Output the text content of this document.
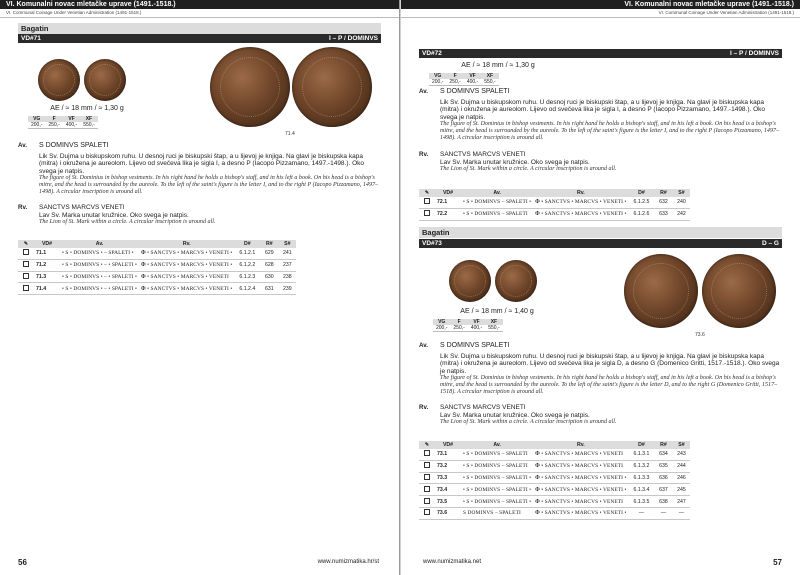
VI. Komunalni novac mletačke uprave (1491.-1518.)
VI. Communal Coinage Under Venetian Administration (1491-1518.)
Bagatin
VD#71	I – P / DOMINVS
71.4
AE / ≈ 18 mm / ≈ 1,30 g
VG	F	VF	XF
200,-	250,-	400,-	550,-
Av. S DOMINVS SPALETI
Lik Sv. Dujma u biskupskom ruhu. U desnoj ruci je biskupski štap, a u lijevoj je knjiga. Na glavi je biskupska kapa (mitra) i okružena je aureolom. Lijevo od svečeva lika je sigla I, a desno P (Iacopo Pizzamano, 1497.-1498.). Oko svega je natpis.
The figure of St. Dominius in bishop vestments. In his right hand he holds a bishop's staff, and in his left a book. On his head is a bishop's mitre, and the head is surrounded by the aureole. To the left of the saint's figure is the letter I, and to the right P (Iacopo Pizzamano, 1497–1498). A circular inscription is around all.
Rv. SANCTVS MARCVS VENETI
Lav Sv. Marka unutar kružnice. Oko svega je natpis.
The Lion of St. Mark within a circle. A circular inscription is around all.
✎	VD#	Av.	Rv.	D#	R#	S#
	71.1	• S • DOMINVS • – SPALETI •	✠ • SANCTVS • MARCVS • VENETI •	6.1.2.1	629	241
	71.2	• S • DOMINVS • – • SPALETI •	✠ • SANCTVS • MARCVS • VENETI •	6.1.2.2	628	237
	71.3	• S • DOMINVS • – • SPALETI •	✠ • SANCTVS • MARCVS • VENETI	6.1.2.3	630	238
	71.4	• S • DOMINVS • – • SPALETI •	✠ • SANCTVS • MARCVS • VENETI •	6.1.2.4	631	239
56	www.numizmatika.hr/st
VI. Komunalni novac mletačke uprave (1491.-1518.)
VI. Communal Coinage Under Venetian Administration (1491-1518.)
VD#72	I – P / DOMINVS
AE / ≈ 18 mm / ≈ 1,30 g
VG	F	VF	XF
200,-	250,-	400,-	550,-
Av. S DOMINVS SPALETI
Lik Sv. Dujma u biskupskom ruhu. U desnoj ruci je biskupski štap, a u lijevoj je knjiga. Na glavi je biskupska kapa (mitra) i okružena je aureolom. Lijevo od svečeva lika je sigla I, a desno P (Iacopo Pizzamano, 1497.-1498.). Oko svega je natpis.
The figure of St. Dominius in bishop vestments. In his right hand he holds a bishop's staff, and in his left a book. On his head is a bishop's mitre, and the head is surrounded by the aureole. To the left of the saint's figure is the letter I, and to the right P (Iacopo Pizzamano, 1497–1498). A circular inscription is around all.
Rv. SANCTVS MARCVS VENETI
Lav Sv. Marka unutar kružnice. Oko svega je natpis.
The Lion of St. Mark within a circle. A circular inscription is around all.
✎	VD#	Av.	Rv.	D#	R#	S#
	72.1	• S • DOMINVS – SPALETI •	✠ • SANCTVS • MARCVS • VENETI •	6.1.2.5	632	240
	72.2	• S • DOMINVS – SPALETI	✠ • SANCTVS • MARCVS • VENETI •	6.1.2.6	633	242
Bagatin
VD#73	D – G
73.6
AE / ≈ 18 mm / ≈ 1,40 g
VG	F	VF	XF
200,-	250,-	400,-	550,-
Av. S DOMINVS SPALETI
Lik Sv. Dujma u biskupskom ruhu. U desnoj ruci je biskupski štap, a u lijevoj je knjiga. Na glavi je biskupska kapa (mitra) i okružena je aureolom. Lijevo od svečeva lika je sigla D, a desno G (Domenico Gritti, 1517.-1518.). Oko svega je natpis.
The figure of St. Dominius in bishop vestments. In his right hand he holds a bishop's staff, and in his left a book. On his head is a bishop's mitre, and the head is surrounded by the aureole. To the left of the saint's figure is the letter D, and to the right G (Domenico Gritti, 1517–1518). A circular inscription is around all.
Rv. SANCTVS MARCVS VENETI
Lav Sv. Marka unutar kružnice. Oko svega je natpis.
The Lion of St. Mark within a circle. A circular inscription is around all.
✎	VD#	Av.	Rv.	D#	R#	S#
	73.1	• S • DOMINVS – SPALETI	✠ • SANCTVS • MARCVS • VENETI	6.1.3.1	634	243
	73.2	• S • DOMINVS – SPALETI	✠ • SANCTVS • MARCVS • VENETI	6.1.3.2	635	244
	73.3	• S • DOMINVS – SPALETI •	✠ • SANCTVS • MARCVS • VENETI •	6.1.3.3	636	246
	73.4	• S • DOMINVS – SPALETI •	✠ • SANCTVS • MARCVS • VENETI •	6.1.3.4	637	245
	73.5	• S • DOMINVS – SPALETI •	✠ • SANCTVS • MARCVS • VENETI	6.1.3.5	638	247
	73.6	S DOMINVS – SPALETI	✠ • SANCTVS • MARCVS • VENETI •	—	—	—
www.numizmatika.net	57
